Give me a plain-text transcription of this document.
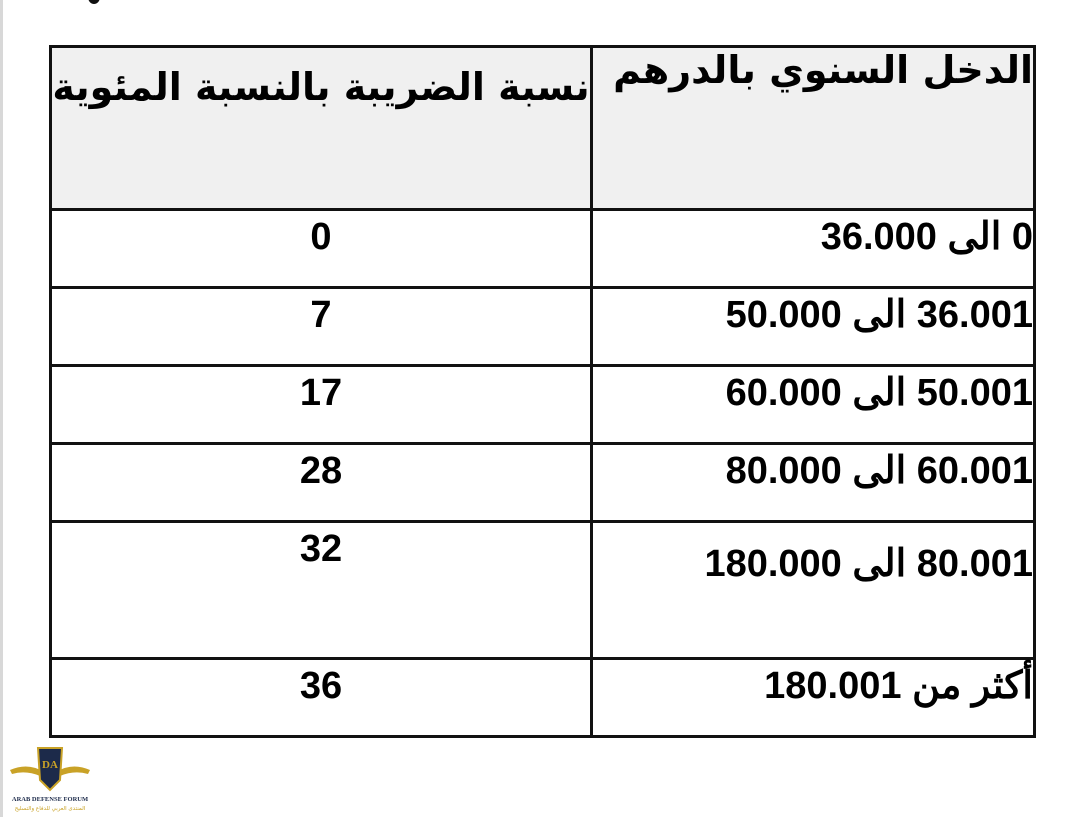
الدخل السنوي بالدرهم	نسبة الضريبة بالنسبة المئوية
0 الى 36.000	0
36.001 الى 50.000	7
50.001 الى 60.000	17
60.001 الى 80.000	28
80.001 الى 180.000	32
أكثر من 180.001	36
DA
ARAB DEFENSE FORUM
المنتدى العربي للدفاع والتسليح
